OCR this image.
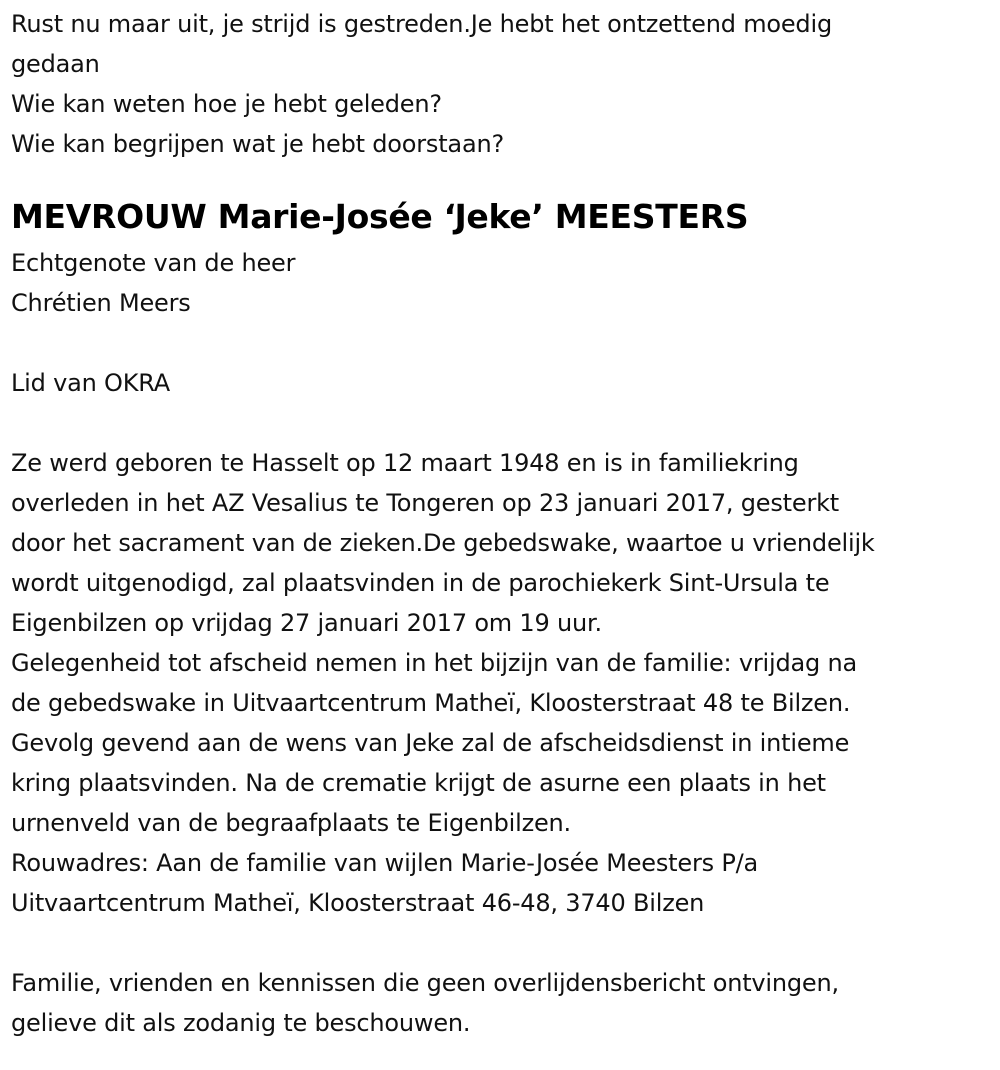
Rust nu maar uit, je strijd is gestreden.Je hebt het ontzettend moedig
gedaan
Wie kan weten hoe je hebt geleden?
Wie kan begrijpen wat je hebt doorstaan?
MEVROUW Marie-Josée ‘Jeke’ MEESTERS
Echtgenote van de heer
Chrétien Meers
Lid van OKRA
Ze werd geboren te Hasselt op 12 maart 1948 en is in familiekring
overleden in het AZ Vesalius te Tongeren op 23 januari 2017, gesterkt
door het sacrament van de zieken.De gebedswake, waartoe u vriendelijk
wordt uitgenodigd, zal plaatsvinden in de parochiekerk Sint-Ursula te
Eigenbilzen op vrijdag 27 januari 2017 om 19 uur.
Gelegenheid tot afscheid nemen in het bijzijn van de familie: vrijdag na
de gebedswake in Uitvaartcentrum Matheï, Kloosterstraat 48 te Bilzen.
Gevolg gevend aan de wens van Jeke zal de afscheidsdienst in intieme
kring plaatsvinden. Na de crematie krijgt de asurne een plaats in het
urnenveld van de begraafplaats te Eigenbilzen.
Rouwadres: Aan de familie van wijlen Marie-Josée Meesters P/a
Uitvaartcentrum Matheï, Kloosterstraat 46-48, 3740 Bilzen
Familie, vrienden en kennissen die geen overlijdensbericht ontvingen,
gelieve dit als zodanig te beschouwen.
